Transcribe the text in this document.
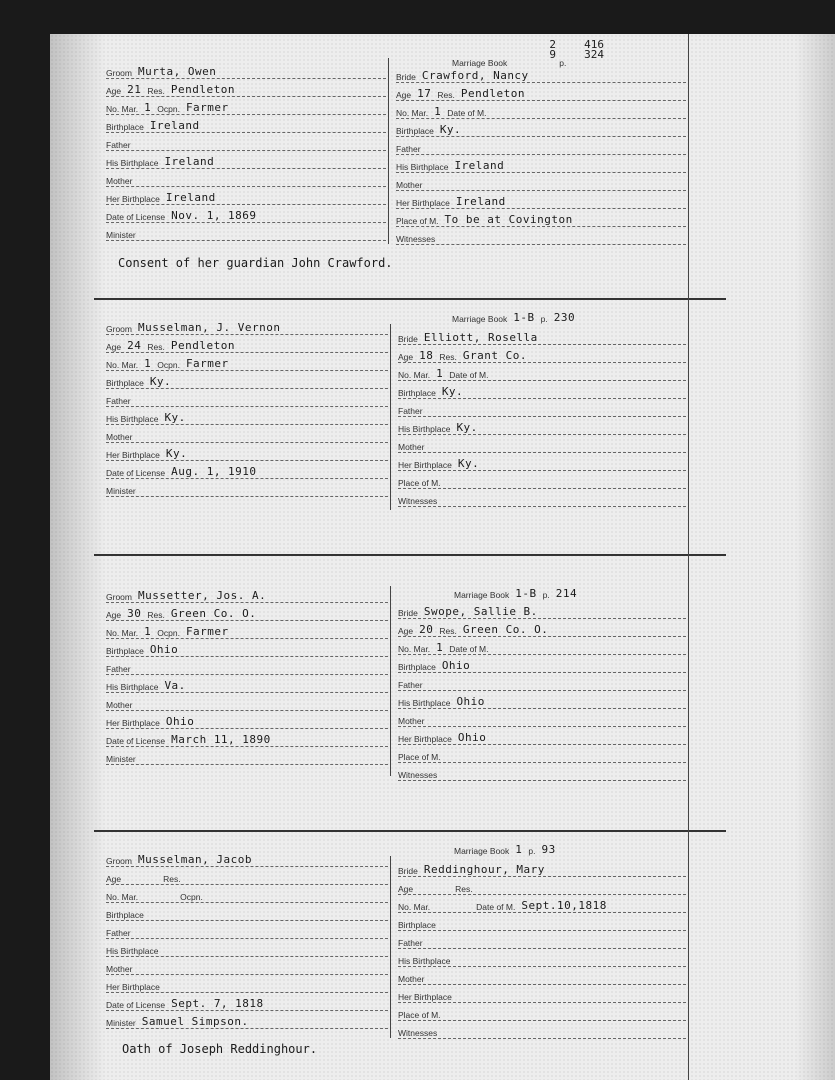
2
9
416
324
Marriage Book	p.
Groom Murta, Owen
Age 21 Res. Pendleton
No. Mar. 1 Ocpn. Farmer
Birthplace Ireland
Father
His Birthplace Ireland
Mother
Her Birthplace Ireland
Date of License Nov. 1, 1869
Minister
Bride Crawford, Nancy
Age 17 Res. Pendleton
No. Mar. 1 Date of M.
Birthplace Ky.
Father
His Birthplace Ireland
Mother
Her Birthplace Ireland
Place of M. To be at Covington
Witnesses
Consent of her guardian John Crawford.
Marriage Book 1-B p. 230
Groom Musselman, J. Vernon
Age 24 Res. Pendleton
No. Mar. 1 Ocpn. Farmer
Birthplace Ky.
Father
His Birthplace Ky.
Mother
Her Birthplace Ky.
Date of License Aug. 1, 1910
Minister
Bride Elliott, Rosella
Age 18 Res. Grant Co.
No. Mar. 1 Date of M.
Birthplace Ky.
Father
His Birthplace Ky.
Mother
Her Birthplace Ky.
Place of M.
Witnesses
Marriage Book 1-B p. 214
Groom Mussetter, Jos. A.
Age 30 Res. Green Co. O.
No. Mar. 1 Ocpn. Farmer
Birthplace Ohio
Father
His Birthplace Va.
Mother
Her Birthplace Ohio
Date of License March 11, 1890
Minister
Bride Swope, Sallie B.
Age 20 Res. Green Co. O.
No. Mar. 1 Date of M.
Birthplace Ohio
Father
His Birthplace Ohio
Mother
Her Birthplace Ohio
Place of M.
Witnesses
Marriage Book 1 p. 93
Groom Musselman, Jacob
Age	Res.
No. Mar.	Ocpn.
Birthplace
Father
His Birthplace
Mother
Her Birthplace
Date of License Sept. 7, 1818
Minister Samuel Simpson.
Bride Reddinghour, Mary
Age	Res.
No. Mar.	Date of M. Sept.10,1818
Birthplace
Father
His Birthplace
Mother
Her Birthplace
Place of M.
Witnesses
Oath of Joseph Reddinghour.
